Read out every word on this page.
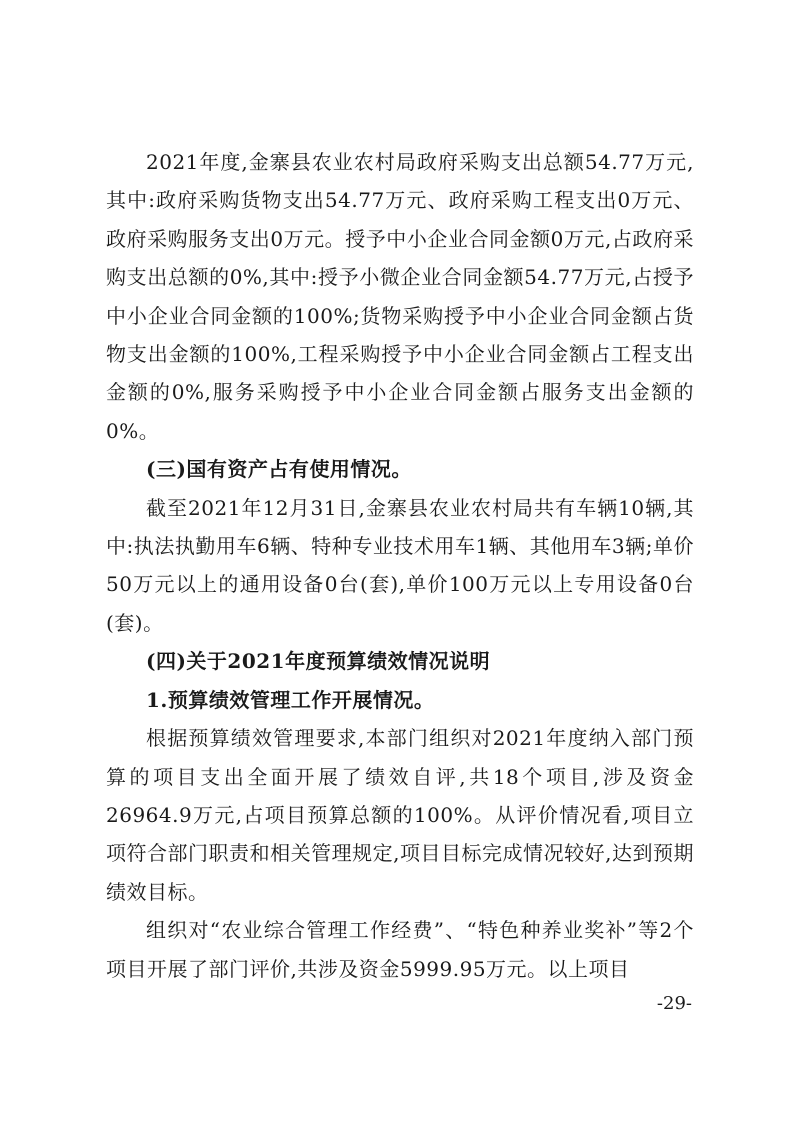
2021年度,金寨县农业农村局政府采购支出总额54.77万元,其中:政府采购货物支出54.77万元、政府采购工程支出0万元、政府采购服务支出0万元。授予中小企业合同金额0万元,占政府采购支出总额的0%,其中:授予小微企业合同金额54.77万元,占授予中小企业合同金额的100%;货物采购授予中小企业合同金额占货物支出金额的100%,工程采购授予中小企业合同金额占工程支出金额的0%,服务采购授予中小企业合同金额占服务支出金额的0%。

(三)国有资产占有使用情况。

截至2021年12月31日,金寨县农业农村局共有车辆10辆,其中:执法执勤用车6辆、特种专业技术用车1辆、其他用车3辆;单价50万元以上的通用设备0台(套),单价100万元以上专用设备0台(套)。

(四)关于2021年度预算绩效情况说明

1.预算绩效管理工作开展情况。

根据预算绩效管理要求,本部门组织对2021年度纳入部门预算的项目支出全面开展了绩效自评,共18个项目,涉及资金26964.9万元,占项目预算总额的100%。从评价情况看,项目立项符合部门职责和相关管理规定,项目目标完成情况较好,达到预期绩效目标。

组织对“农业综合管理工作经费”、“特色种养业奖补”等2个项目开展了部门评价,共涉及资金5999.95万元。以上项目

-29-
